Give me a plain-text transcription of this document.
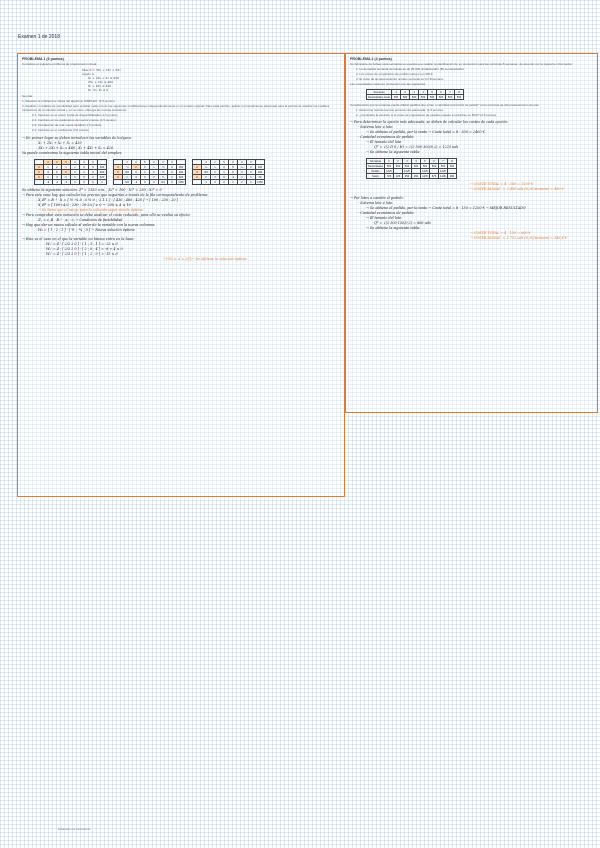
Examen 1 de 2018
· · · · · · · · · · · · · · · ·
PROBLEMA 1 (6 puntos)
Considere el siguiente problema de programación lineal:
Max Z = 3X₁ + 2X₂ + 5X₃
sujeto a
X₁ + 2X₂ + X₃ ≤ 430
3X₁ + 2X₃ ≤ 460
X₁ + 4X₂ ≤ 420
X₁, X₂, X₃ ≥ 0
Se pide:
1. Resolver el problema a través del algoritmo SIMPLEX. (1,5 puntos)
2. Realizar un análisis de sensibilidad para estudiar cada una de las siguientes modificaciones independientemente en el modelo original. Para cada cambio, aplicar el procedimiento adecuado para la pertinente analizar las posibles variaciones de la solución actual y, en su caso, obtenga las nuevas soluciones:
2.1. Cambios en el vector inicial de disponibilidades (1,5 puntos)
2.2. Cambios en los parámetros del vector precios (1,5 puntos)
2.3. Introducción de una nueva variable (1,5 puntos)
2.4. Cambios en el coeficiente (0,5 puntos)
→ En primer lugar se deben introducir las variables de holgura:
X₁ + 2X₂ + X₃ + S₁ = 430
3X₁ + 2X₃ + S₂ = 460 ; X₁ + 4X₂ + S₃ = 420
Ya puede construirse la siguiente tabla inicial del simplex:
	3	2	5	0	0	0	
0	1	2	1	1	0	0	430
0	3	0	2	0	1	0	460
0	1	4	0	0	0	1	420
	-3	-2	-5	0	0	0	0
	3	2	5	0	0	0	
0	-½	2	0	1	-½	0	200
5	3/2	0	1	0	½	0	230
0	1	4	0	0	0	1	420
	9/2	-2	0	0	5/2	0	1150
	3	2	5	0	0	0	
2	-¼	1	0	½	-¼	0	100
5	3/2	0	1	0	½	0	230
0	2	0	0	-2	1	1	20
	4	0	0	1	2	0	1350
Se obtiene la siguiente solución: Z* = 1350 u.m. ; X₂* = 100 ; X₃* = 230 ; X₁* = 0
→ Para este caso hay que calcular los precios que seguirían a través de la fila correspondiente de problema:
X_B* = B⁻¹ · b = [ ½ -¼ 0 ; 0 ½ 0 ; -2 1 1 ] · [ 430 ; 460 ; 420 ] → [ 100 ; 230 ; 20 ]
X_B* = [ 100+Δ/2 ; 230 ; 20-2Δ ] ≥ 0 → -200 ≤ Δ ≤ 10
→ Se tiene que el rango para la solución sigue siendo óptima.
→ Para comprobar esta variación se debe analizar el coste reducido, para ello se evalúa su efecto:
Z'ⱼ = c_B · B⁻¹ · aⱼ - cⱼ → Condición de factibilidad
→ Hay que dar un nuevo cálculo al valor de la variable con la nueva columna:
W₄ = [ 1 ; 2 ; 1 ] · [ ½ ; -¼ ; 0 ] → Nueva solución óptima
→ Este es el caso en el que la variable no básica entra en la base:
W₁' = 4 - [ 2/3 2 0 ] · [ 1 ; 3 ; 1 ] = -23 ≤ 0
W₂' = 4 - [ 2/3 2 0 ] · [ 2 ; 0 ; 4 ] = -8 + 4 ≤ 0
W₃' = 4 - [ 2/3 2 0 ] · [ 1 ; 2 ; 0 ] = -15 ≤ 0
→ [-50 ≤ Δ ≤ 20] → Se obtiene la solución óptima
PROBLEMA 2 (4 puntos)
Un fabricante de bolsas para senderismo necesita que realizar la planificación de su producción para las próximas 8 semanas, de acuerdo con la siguiente información:
1. La demanda semanal de bolsas es de 25.000 unidades/año (50 semanas/año)
2. Los costes de preparación de pedido (setup) son 300 €.
3. El coste de almacenamiento unitario semanal es 0,2 €/semana.
Las necesidades netas de producción son las siguientes:
Semanas	1	2	3	4	5	6	7	8
Necesidades netas	500	500	500	500	500	500	500	500
Considerando que la empresa puede utilizar pedidos tipo a lote o cantidad económica de pedido* como técnicas de dimensionamiento de lote:
1. Determine cuál de las dos sería la más adecuada. (1,5 puntos)
2. ¿Cambiaría la solución si el coste de preparación de pedidos pasase a reducirse un 50%? (2,5 puntos)
→ Para determinar la opción más adecuada, se deben de calcular los costes de cada opción:
- Sistema lote a lote:
→ Se obtiene el pedido, por lo tanto → Coste total = 8 · 300 = 2400 €
- Cantidad económica de pedido:
→ El tamaño del lote:
Q* = √(2·D·S / H) = √(2·500·300/0,2) = 1225 uds
→ Se obtiene la siguiente tabla:
Semanas	1	2	3	4	5	6	7	8
Necesidades	500	500	500	500	500	500	500	500
Pedido	1225		1225		1225		1225	
Stock	725	225	950	450	1175	675	1400	900
→ COSTE TOTAL = 4 · 300 = 1200 €
→ COSTE ALMAC. = 2.450 uds (0,2€/semana) = 490 €
→ Por lotes a cambio el pedido:
- Sistema lote a lote:
→ Se obtiene el pedido, por lo tanto → Coste total = 8 · 150 = 1200 € → MEJOR RESULTADO
- Cantidad económica de pedido:
→ El tamaño del lote:
Q* = √(2·500·150/0,2) = 866 uds
→ Se obtiene la siguiente tabla:
→ COSTE TOTAL = 4 · 150 = 600 €
→ COSTE ALMAC. = 1.732 uds (0,2€/semana) = 346,4 €
Escaneado con CamScanner
